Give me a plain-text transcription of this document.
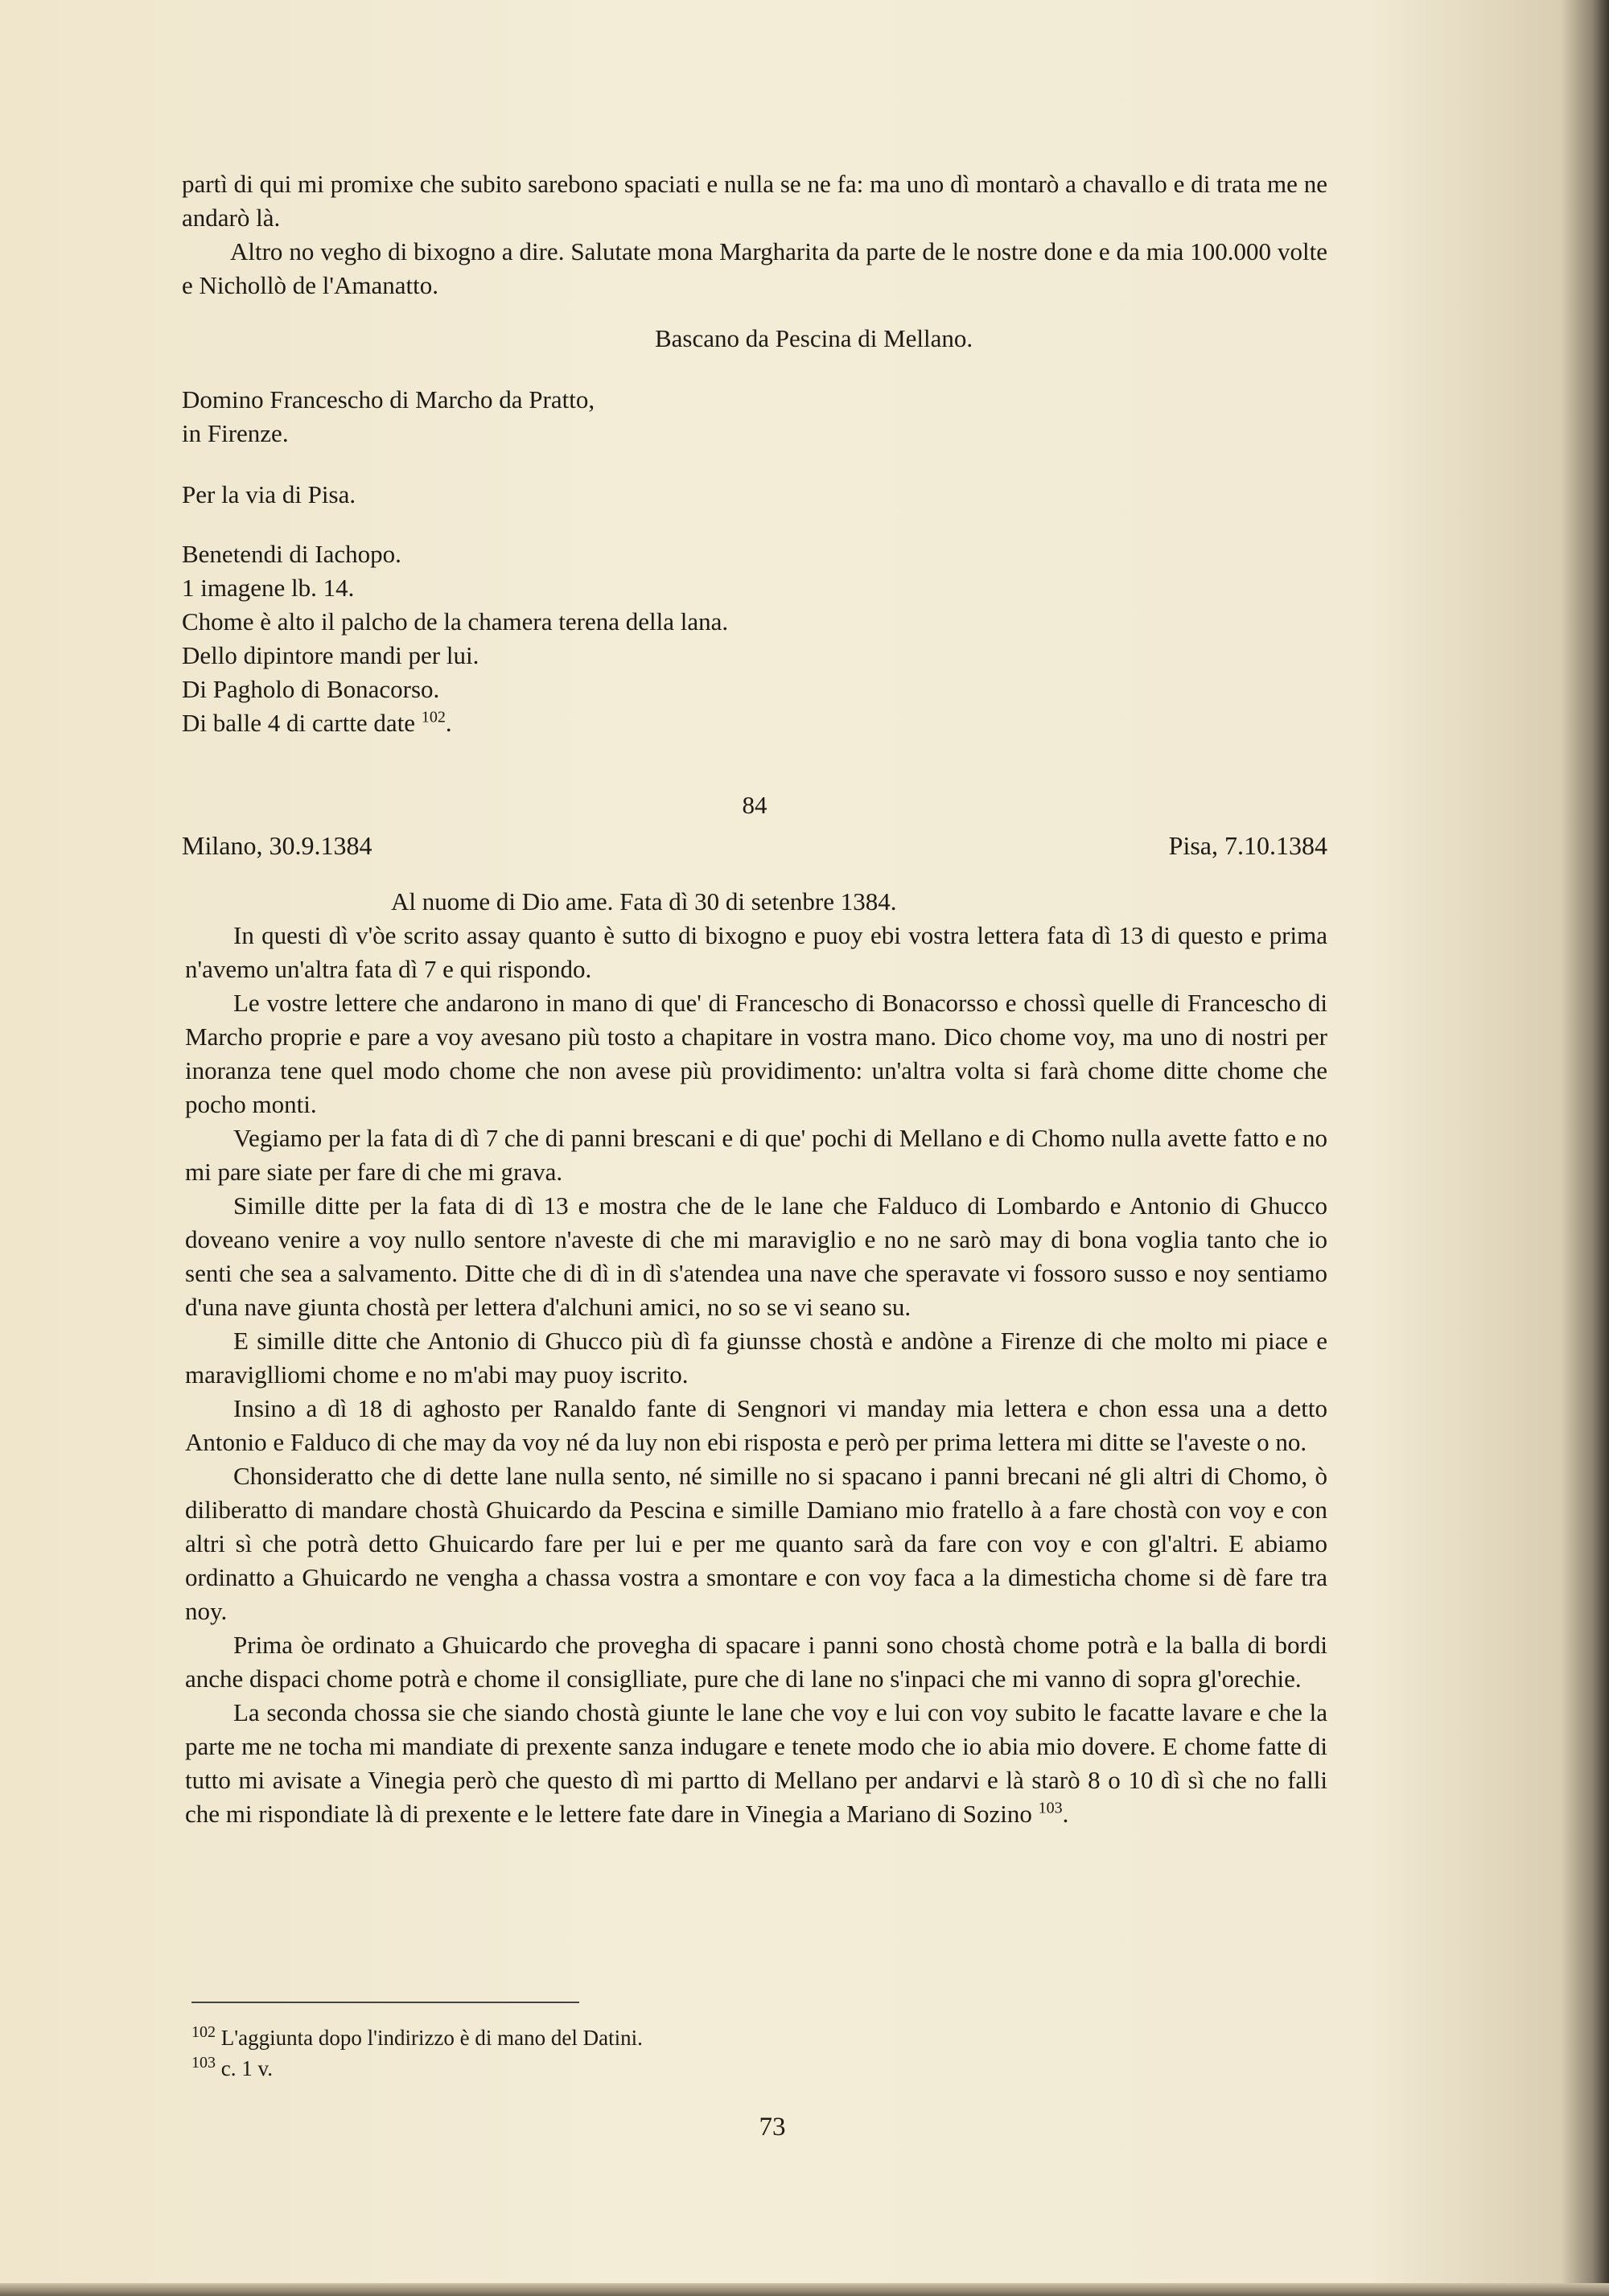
partì di qui mi promixe che subito sarebono spaciati e nulla se ne fa: ma uno dì montarò a chavallo e di trata me ne andarò là.

Altro no vegho di bixogno a dire. Salutate mona Margharita da parte de le nostre done e da mia 100.000 volte e Nichollò de l'Amanatto.

Bascano da Pescina di Mellano.

Domino Francescho di Marcho da Pratto,

in Firenze.

Per la via di Pisa.

Benetendi di Iachopo.

1 imagene lb. 14.

Chome è alto il palcho de la chamera terena della lana.

Dello dipintore mandi per lui.

Di Pagholo di Bonacorso.

Di balle 4 di cartte date $^{102}$.

84

Milano, 30.9.1384	Pisa, 7.10.1384

Al nuome di Dio ame. Fata dì 30 di setenbre 1384.

In questi dì v'òe scrito assay quanto è sutto di bixogno e puoy ebi vostra lettera fata dì 13 di questo e prima n'avemo un'altra fata dì 7 e qui rispondo.

Le vostre lettere che andarono in mano di que' di Francescho di Bonacorsso e chossì quelle di Francescho di Marcho proprie e pare a voy avesano più tosto a chapitare in vostra mano. Dico chome voy, ma uno di nostri per inoranza tene quel modo chome che non avese più providimento: un'altra volta si farà chome ditte chome che pocho monti.

Vegiamo per la fata di dì 7 che di panni brescani e di que' pochi di Mellano e di Chomo nulla avette fatto e no mi pare siate per fare di che mi grava.

Simille ditte per la fata di dì 13 e mostra che de le lane che Falduco di Lombardo e Antonio di Ghucco doveano venire a voy nullo sentore n'aveste di che mi maraviglio e no ne sarò may di bona voglia tanto che io senti che sea a salvamento. Ditte che di dì in dì s'atendea una nave che speravate vi fossoro susso e noy sentiamo d'una nave giunta chostà per lettera d'alchuni amici, no so se vi seano su.

E simille ditte che Antonio di Ghucco più dì fa giunsse chostà e andòne a Firenze di che molto mi piace e maraviglliomi chome e no m'abi may puoy iscrito.

Insino a dì 18 di aghosto per Ranaldo fante di Sengnori vi manday mia lettera e chon essa una a detto Antonio e Falduco di che may da voy né da luy non ebi risposta e però per prima lettera mi ditte se l'aveste o no.

Chonsideratto che di dette lane nulla sento, né simille no si spacano i panni brecani né gli altri di Chomo, ò diliberatto di mandare chostà Ghuicardo da Pescina e simille Damiano mio fratello à a fare chostà con voy e con altri sì che potrà detto Ghuicardo fare per lui e per me quanto sarà da fare con voy e con gl'altri. E abiamo ordinatto a Ghuicardo ne vengha a chassa vostra a smontare e con voy faca a la dimesticha chome si dè fare tra noy.

Prima òe ordinato a Ghuicardo che provegha di spacare i panni sono chostà chome potrà e la balla di bordi anche dispaci chome potrà e chome il consiglliate, pure che di lane no s'inpaci che mi vanno di sopra gl'orechie.

La seconda chossa sie che siando chostà giunte le lane che voy e lui con voy subito le facatte lavare e che la parte me ne tocha mi mandiate di prexente sanza indugare e tenete modo che io abia mio dovere. E chome fatte di tutto mi avisate a Vinegia però che questo dì mi partto di Mellano per andarvi e là starò 8 o 10 dì sì che no falli che mi rispondiate là di prexente e le lettere fate dare in Vinegia a Mariano di Sozino $^{103}$.

$^{102}$ L'aggiunta dopo l'indirizzo è di mano del Datini.
$^{103}$ c. 1 v.
73
